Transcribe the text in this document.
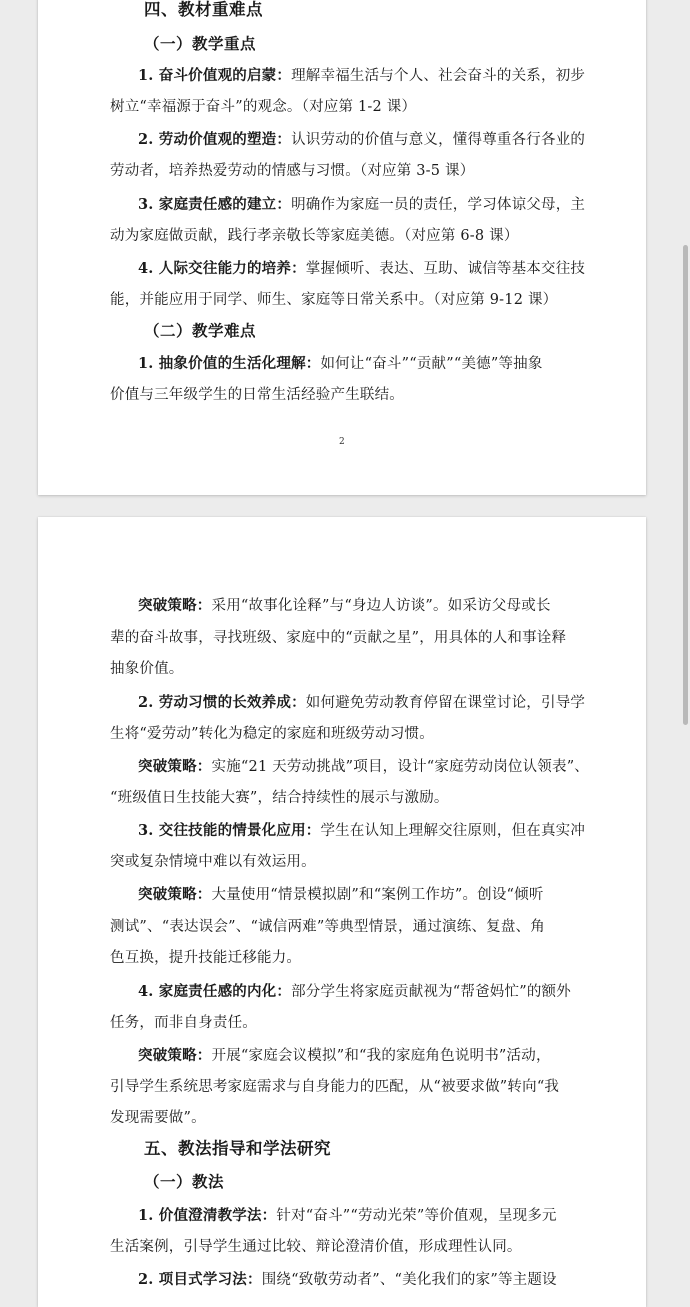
四、教材重难点
（一）教学重点
1. 奋斗价值观的启蒙：理解幸福生活与个人、社会奋斗的关系，初步
树立“幸福源于奋斗”的观念。（对应第 1-2 课）
2. 劳动价值观的塑造：认识劳动的价值与意义，懂得尊重各行各业的
劳动者，培养热爱劳动的情感与习惯。（对应第 3-5 课）
3. 家庭责任感的建立：明确作为家庭一员的责任，学习体谅父母，主
动为家庭做贡献，践行孝亲敬长等家庭美德。（对应第 6-8 课）
4. 人际交往能力的培养：掌握倾听、表达、互助、诚信等基本交往技
能，并能应用于同学、师生、家庭等日常关系中。（对应第 9-12 课）
（二）教学难点
1. 抽象价值的生活化理解：如何让“奋斗”“贡献”“美德”等抽象
价值与三年级学生的日常生活经验产生联结。
2
突破策略：采用“故事化诠释”与“身边人访谈”。如采访父母或长
辈的奋斗故事，寻找班级、家庭中的“贡献之星”，用具体的人和事诠释
抽象价值。
2. 劳动习惯的长效养成：如何避免劳动教育停留在课堂讨论，引导学
生将“爱劳动”转化为稳定的家庭和班级劳动习惯。
突破策略：实施“21 天劳动挑战”项目，设计“家庭劳动岗位认领表”、
“班级值日生技能大赛”，结合持续性的展示与激励。
3. 交往技能的情景化应用：学生在认知上理解交往原则，但在真实冲
突或复杂情境中难以有效运用。
突破策略：大量使用“情景模拟剧”和“案例工作坊”。创设“倾听
测试”、“表达误会”、“诚信两难”等典型情景，通过演练、复盘、角
色互换，提升技能迁移能力。
4. 家庭责任感的内化：部分学生将家庭贡献视为“帮爸妈忙”的额外
任务，而非自身责任。
突破策略：开展“家庭会议模拟”和“我的家庭角色说明书”活动，
引导学生系统思考家庭需求与自身能力的匹配，从“被要求做”转向“我
发现需要做”。
五、教法指导和学法研究
（一）教法
1. 价值澄清教学法：针对“奋斗”“劳动光荣”等价值观，呈现多元
生活案例，引导学生通过比较、辩论澄清价值，形成理性认同。
2. 项目式学习法：围绕“致敬劳动者”、“美化我们的家”等主题设
